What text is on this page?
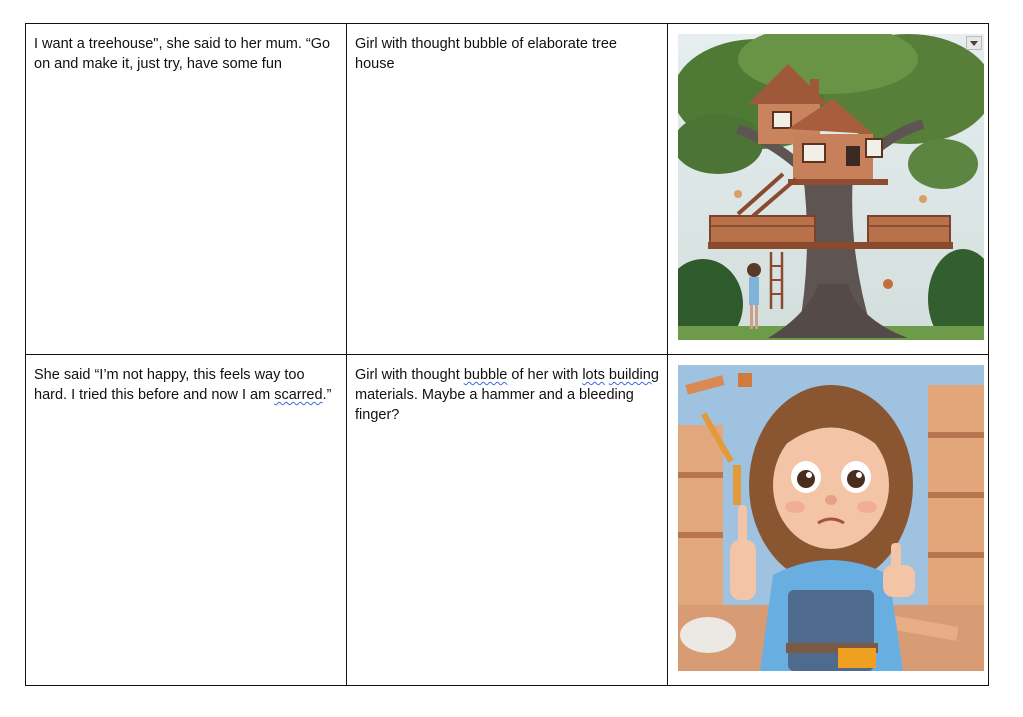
I want a treehouse", she said to her mum. “Go on and make it, just try, have some fun	Girl with thought bubble of elaborate tree house

She said “I’m not happy, this feels way too hard. I tried this before and now I am scarred.”	Girl with thought bubble of her with lots building materials. Maybe a hammer and a bleeding finger?
